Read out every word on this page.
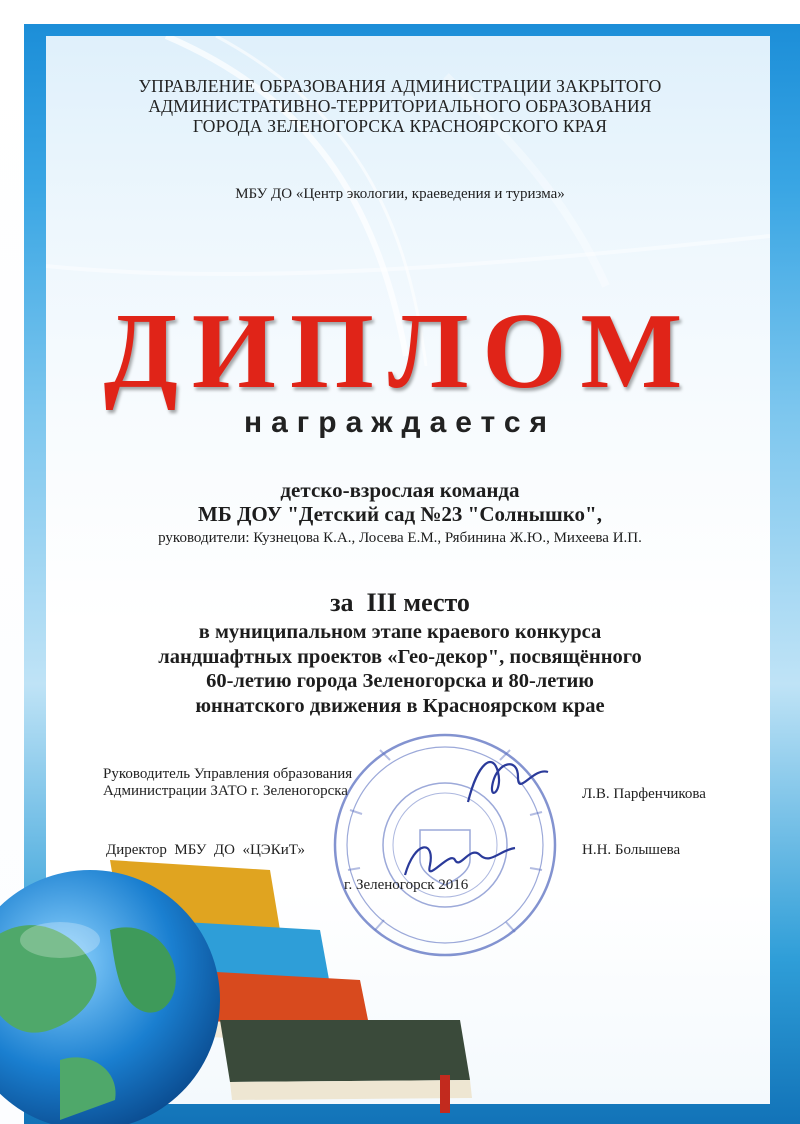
УПРАВЛЕНИЕ ОБРАЗОВАНИЯ АДМИНИСТРАЦИИ ЗАКРЫТОГО
АДМИНИСТРАТИВНО-ТЕРРИТОРИАЛЬНОГО ОБРАЗОВАНИЯ
ГОРОДА ЗЕЛЕНОГОРСКА КРАСНОЯРСКОГО КРАЯ
МБУ ДО «Центр экологии, краеведения и туризма»
ДИПЛОМ
награждается
детско-взрослая команда
МБ ДОУ "Детский сад №23 "Солнышко",
руководители: Кузнецова К.А., Лосева Е.М., Рябинина Ж.Ю., Михеева И.П.
за  III место
в муниципальном этапе краевого конкурса
ландшафтных проектов «Гео-декор", посвящённого
60-летию города Зеленогорска и 80-летию
юннатского движения в Красноярском крае
Руководитель Управления образования
Администрации ЗАТО г. Зеленогорска	Л.В. Парфенчикова
Директор  МБУ  ДО  «ЦЭКиТ»	Н.Н. Болышева
г. Зеленогорск 2016
